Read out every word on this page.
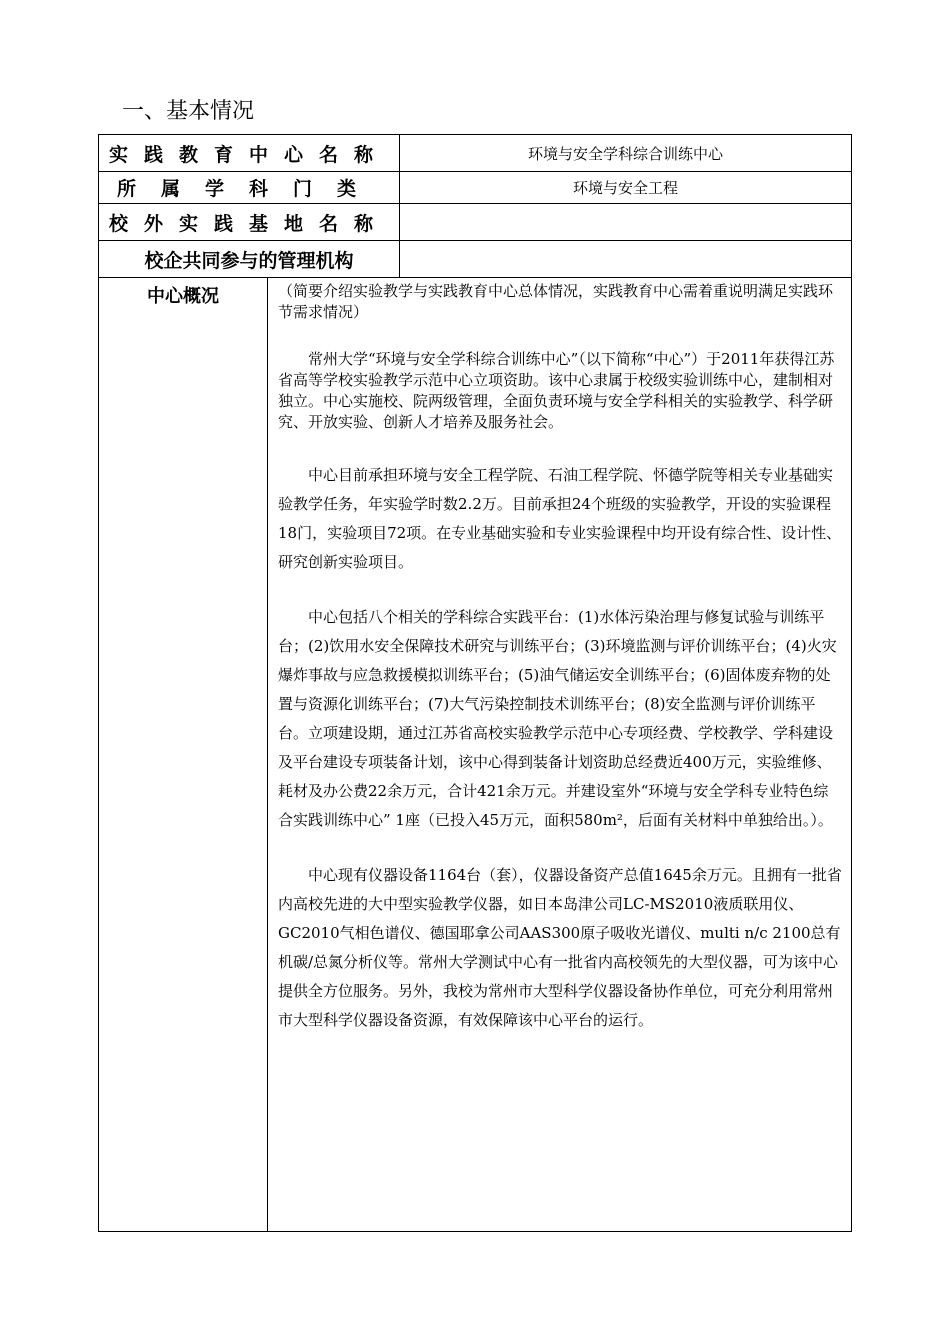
一、基本情况
实践教育中心名称	环境与安全学科综合训练中心
所属学科门类	环境与安全工程
校外实践基地名称
校企共同参与的管理机构
中心概况	（简要介绍实验教学与实践教育中心总体情况，实践教育中心需着重说明满足实践环节需求情况）

常州大学“环境与安全学科综合训练中心”（以下简称“中心”）于2011年获得江苏省高等学校实验教学示范中心立项资助。该中心隶属于校级实验训练中心，建制相对独立。中心实施校、院两级管理，全面负责环境与安全学科相关的实验教学、科学研究、开放实验、创新人才培养及服务社会。

中心目前承担环境与安全工程学院、石油工程学院、怀德学院等相关专业基础实验教学任务，年实验学时数2.2万。目前承担24个班级的实验教学，开设的实验课程18门，实验项目72项。在专业基础实验和专业实验课程中均开设有综合性、设计性、研究创新实验项目。

中心包括八个相关的学科综合实践平台：(1)水体污染治理与修复试验与训练平台；(2)饮用水安全保障技术研究与训练平台；(3)环境监测与评价训练平台；(4)火灾爆炸事故与应急救援模拟训练平台；(5)油气储运安全训练平台；(6)固体废弃物的处置与资源化训练平台；(7)大气污染控制技术训练平台；(8)安全监测与评价训练平台。立项建设期，通过江苏省高校实验教学示范中心专项经费、学校教学、学科建设及平台建设专项装备计划，该中心得到装备计划资助总经费近400万元，实验维修、耗材及办公费22余万元，合计421余万元。并建设室外“环境与安全学科专业特色综合实践训练中心” 1座（已投入45万元，面积580m²，后面有关材料中单独给出。）。

中心现有仪器设备1164台（套），仪器设备资产总值1645余万元。且拥有一批省内高校先进的大中型实验教学仪器，如日本岛津公司LC-MS2010液质联用仪、GC2010气相色谱仪、德国耶拿公司AAS300原子吸收光谱仪、multi n/c 2100总有机碳/总氮分析仪等。常州大学测试中心有一批省内高校领先的大型仪器，可为该中心提供全方位服务。另外，我校为常州市大型科学仪器设备协作单位，可充分利用常州市大型科学仪器设备资源，有效保障该中心平台的运行。
